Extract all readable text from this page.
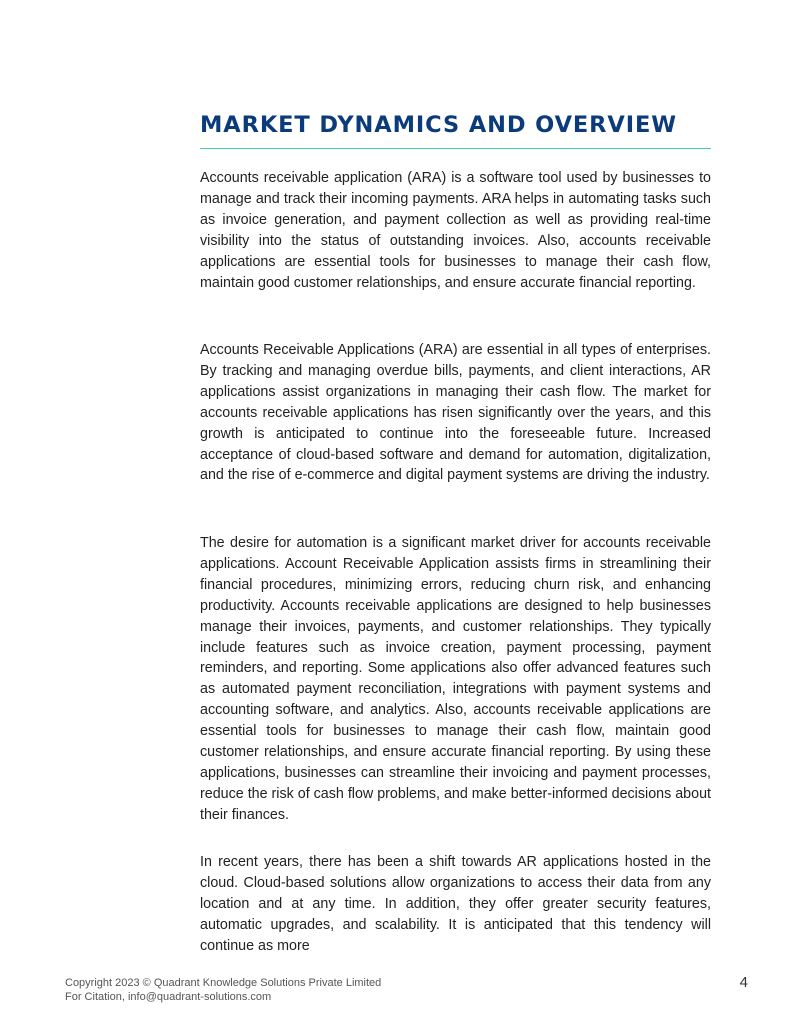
MARKET DYNAMICS AND OVERVIEW

Accounts receivable application (ARA) is a software tool used by businesses to manage and track their incoming payments. ARA helps in automating tasks such as invoice generation, and payment collection as well as providing real-time visibility into the status of outstanding invoices. Also, accounts receivable applications are essential tools for businesses to manage their cash flow, maintain good customer relationships, and ensure accurate financial reporting.

Accounts Receivable Applications (ARA) are essential in all types of enterprises. By tracking and managing overdue bills, payments, and client interactions, AR applications assist organizations in managing their cash flow. The market for accounts receivable applications has risen significantly over the years, and this growth is anticipated to continue into the foreseeable future. Increased acceptance of cloud-based software and demand for automation, digitalization, and the rise of e-commerce and digital payment systems are driving the industry.

The desire for automation is a significant market driver for accounts receivable applications. Account Receivable Application assists firms in streamlining their financial procedures, minimizing errors, reducing churn risk, and enhancing productivity. Accounts receivable applications are designed to help businesses manage their invoices, payments, and customer relationships. They typically include features such as invoice creation, payment processing, payment reminders, and reporting. Some applications also offer advanced features such as automated payment reconciliation, integrations with payment systems and accounting software, and analytics. Also, accounts receivable applications are essential tools for businesses to manage their cash flow, maintain good customer relationships, and ensure accurate financial reporting. By using these applications, businesses can streamline their invoicing and payment processes, reduce the risk of cash flow problems, and make better-informed decisions about their finances.

In recent years, there has been a shift towards AR applications hosted in the cloud. Cloud-based solutions allow organizations to access their data from any location and at any time. In addition, they offer greater security features, automatic upgrades, and scalability. It is anticipated that this tendency will continue as more

Copyright 2023 © Quadrant Knowledge Solutions Private Limited
For Citation, info@quadrant-solutions.com
4
